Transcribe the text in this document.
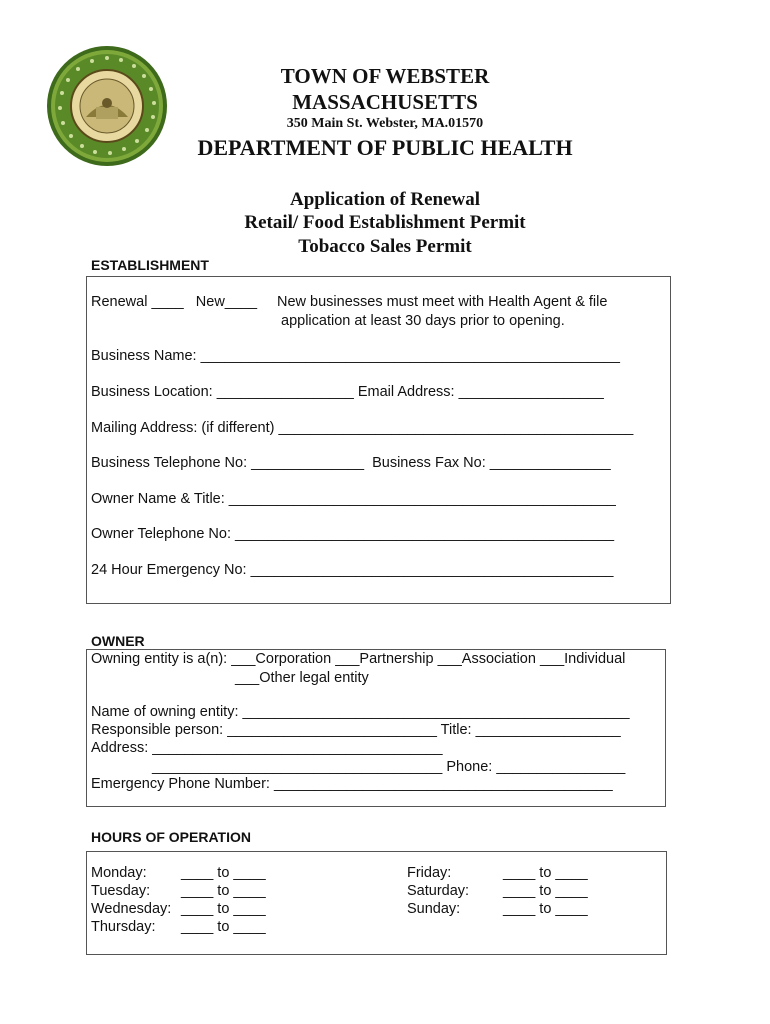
TOWN OF WEBSTER
MASSACHUSETTS
350 Main St. Webster, MA.01570
DEPARTMENT OF PUBLIC HEALTH
Application of Renewal
Retail/ Food Establishment Permit
Tobacco Sales Permit
ESTABLISHMENT
Renewal ____   New____ New businesses must meet with Health Agent & file
application at least 30 days prior to opening.
Business Name: ____________________________________________________
Business Location: _________________ Email Address: __________________
Mailing Address: (if different) ____________________________________________
Business Telephone No: ______________  Business Fax No: _______________
Owner Name & Title: ________________________________________________
Owner Telephone No: _______________________________________________
24 Hour Emergency No: _____________________________________________
OWNER
Owning entity is a(n): ___Corporation ___Partnership ___Association ___Individual
___Other legal entity
Name of owning entity: ________________________________________________
Responsible person: __________________________ Title: __________________
Address: ____________________________________
____________________________________ Phone: ________________
Emergency Phone Number: __________________________________________
HOURS OF OPERATION
Monday: ____ to ____
Tuesday: ____ to ____
Wednesday: ____ to ____
Thursday: ____ to ____
Friday:	____ to ____
Saturday: ____ to ____
Sunday:	____ to ____
